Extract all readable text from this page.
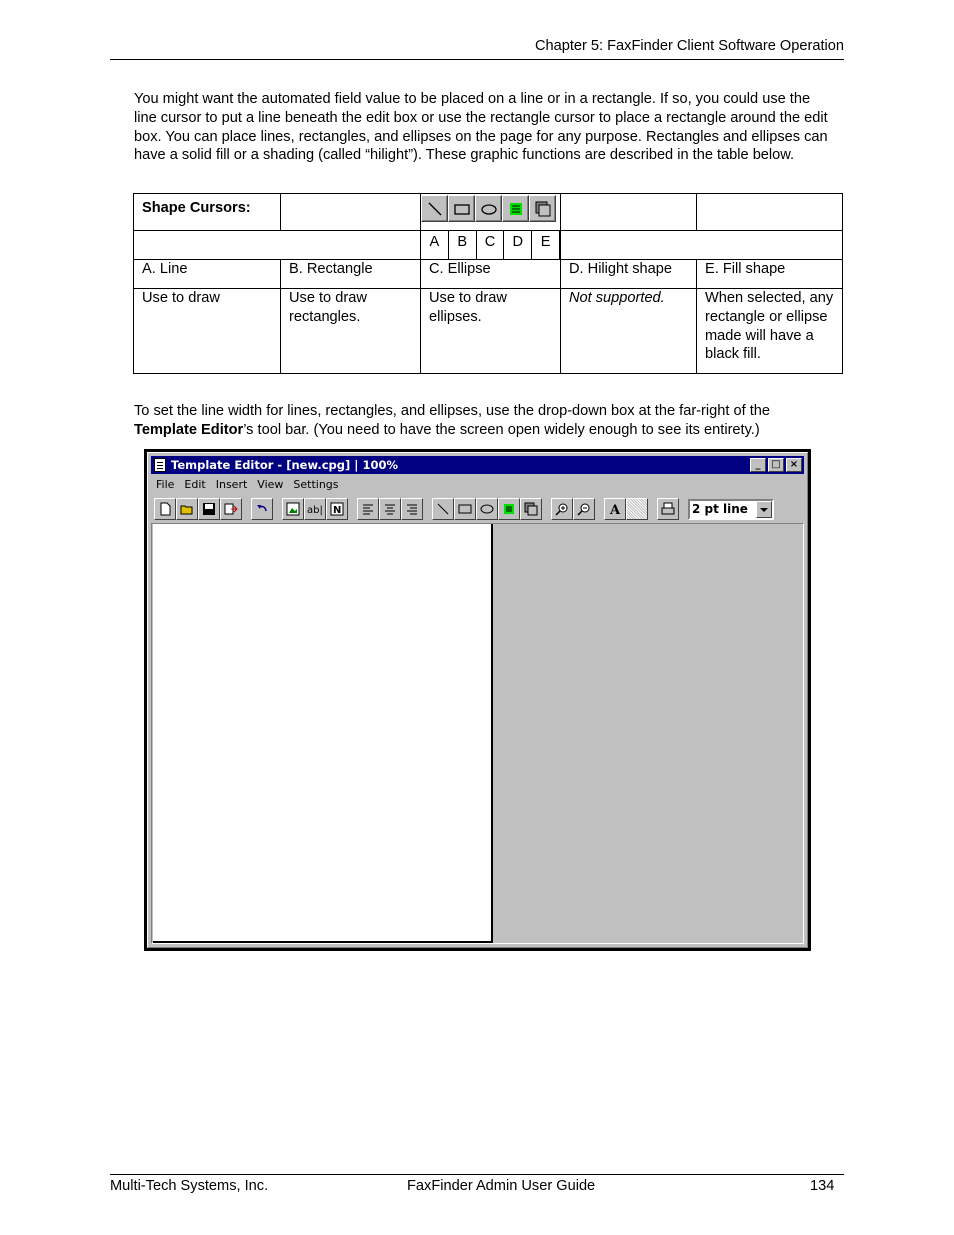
Chapter 5: FaxFinder Client Software Operation

You might want the automated field value to be placed on a line or in a rectangle. If so, you could use the line cursor to put a line beneath the edit box or use the rectangle cursor to place a rectangle around the edit box. You can place lines, rectangles, and ellipses on the page for any purpose. Rectangles and ellipses can have a solid fill or a shading (called “hilight”). These graphic functions are described in the table below.

Shape Cursors:		

		A B C D E		

A. Line	B. Rectangle	C. Ellipse	D. Hilight shape	E. Fill shape
Use to draw	Use to draw rectangles.	Use to draw ellipses.	Not supported.	When selected, any rectangle or ellipse made will have a black fill.

To set the line width for lines, rectangles, and ellipses, use the drop-down box at the far-right of the Template Editor’s tool bar. (You need to have the screen open widely enough to see its entirety.)

Template Editor - [new.cpg] | 100%	_	□ ×
File Edit Insert View Settings
ab| N	A	2 pt line
Multi-Tech Systems, Inc.	FaxFinder Admin User Guide	134
